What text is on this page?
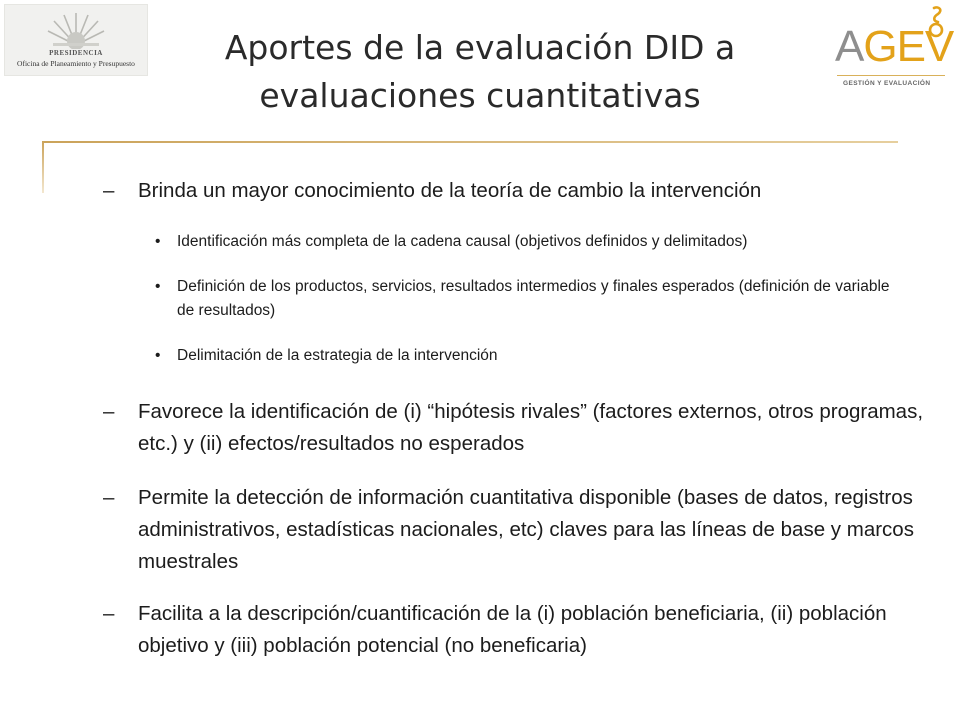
PRESIDENCIA
Oficina de Planeamiento y Presupuesto	AGEV
GESTIÓN Y EVALUACIÓN
Aportes de la evaluación DID a
evaluaciones cuantitativas
– Brinda un mayor conocimiento de la teoría de cambio la intervención
• Identificación más completa de la cadena causal (objetivos definidos y delimitados)
• Definición de los productos, servicios, resultados intermedios y finales esperados (definición de variable de resultados)
• Delimitación de la estrategia de la intervención
– Favorece la identificación de (i) “hipótesis rivales” (factores externos, otros programas, etc.) y (ii) efectos/resultados no esperados
– Permite la detección de información cuantitativa disponible (bases de datos, registros administrativos, estadísticas nacionales, etc) claves para las líneas de base y marcos muestrales
– Facilita a la descripción/cuantificación de la (i) población beneficiaria, (ii) población objetivo y (iii) población potencial (no beneficaria)
